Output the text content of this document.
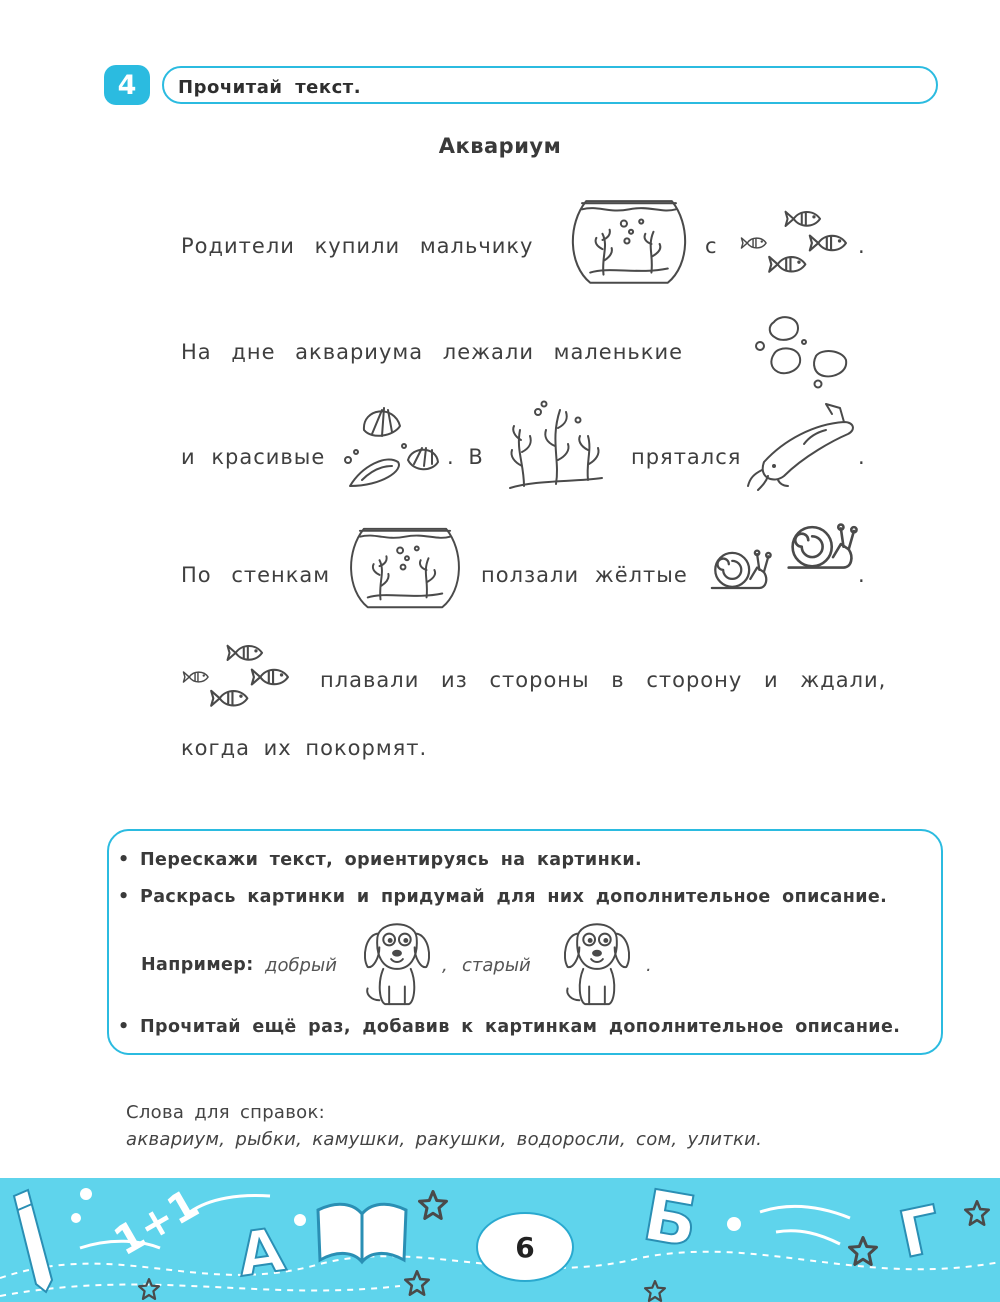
4	Прочитай текст.
Аквариум
Родители купили мальчику	с	.
На дне аквариума лежали маленькие
и красивые	. В	прятался	.
По стенкам	ползали жёлтые	.
плавали из стороны в сторону и ждали,
когда их покормят.
• Перескажи текст, ориентируясь на картинки.
• Раскрась картинки и придумай для них дополнительное описание.
Например: добрый	, старый	.
• Прочитай ещё раз, добавив к картинкам дополнительное описание.
Слова для справок:
аквариум, рыбки, камушки, ракушки, водоросли, сом, улитки.
1+1 А	Б	Г
6
